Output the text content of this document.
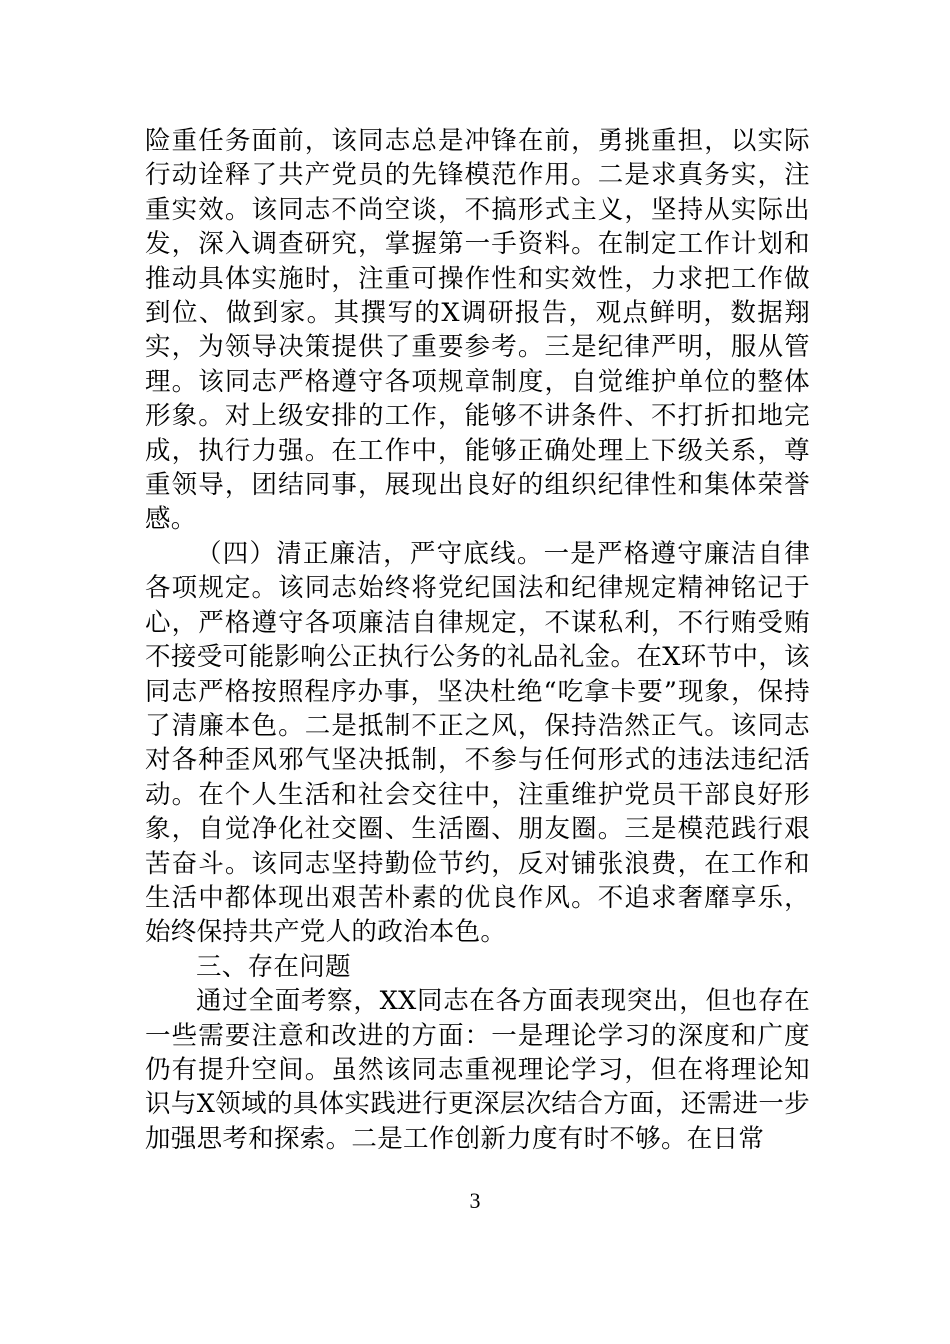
险重任务面前，该同志总是冲锋在前，勇挑重担，以实际行动诠释了共产党员的先锋模范作用。二是求真务实，注重实效。该同志不尚空谈，不搞形式主义，坚持从实际出发，深入调查研究，掌握第一手资料。在制定工作计划和推动具体实施时，注重可操作性和实效性，力求把工作做到位、做到家。其撰写的X调研报告，观点鲜明，数据翔实，为领导决策提供了重要参考。三是纪律严明，服从管理。该同志严格遵守各项规章制度，自觉维护单位的整体形象。对上级安排的工作，能够不讲条件、不打折扣地完成，执行力强。在工作中，能够正确处理上下级关系，尊重领导，团结同事，展现出良好的组织纪律性和集体荣誉感。

（四）清正廉洁，严守底线。一是严格遵守廉洁自律各项规定。该同志始终将党纪国法和纪律规定精神铭记于心，严格遵守各项廉洁自律规定，不谋私利，不行贿受贿不接受可能影响公正执行公务的礼品礼金。在X环节中，该同志严格按照程序办事，坚决杜绝“吃拿卡要”现象，保持了清廉本色。二是抵制不正之风，保持浩然正气。该同志对各种歪风邪气坚决抵制，不参与任何形式的违法违纪活动。在个人生活和社会交往中，注重维护党员干部良好形象，自觉净化社交圈、生活圈、朋友圈。三是模范践行艰苦奋斗。该同志坚持勤俭节约，反对铺张浪费，在工作和生活中都体现出艰苦朴素的优良作风。不追求奢靡享乐，始终保持共产党人的政治本色。

三、存在问题

通过全面考察，XX同志在各方面表现突出，但也存在一些需要注意和改进的方面：一是理论学习的深度和广度仍有提升空间。虽然该同志重视理论学习，但在将理论知识与X领域的具体实践进行更深层次结合方面，还需进一步加强思考和探索。二是工作创新力度有时不够。在日常

3
